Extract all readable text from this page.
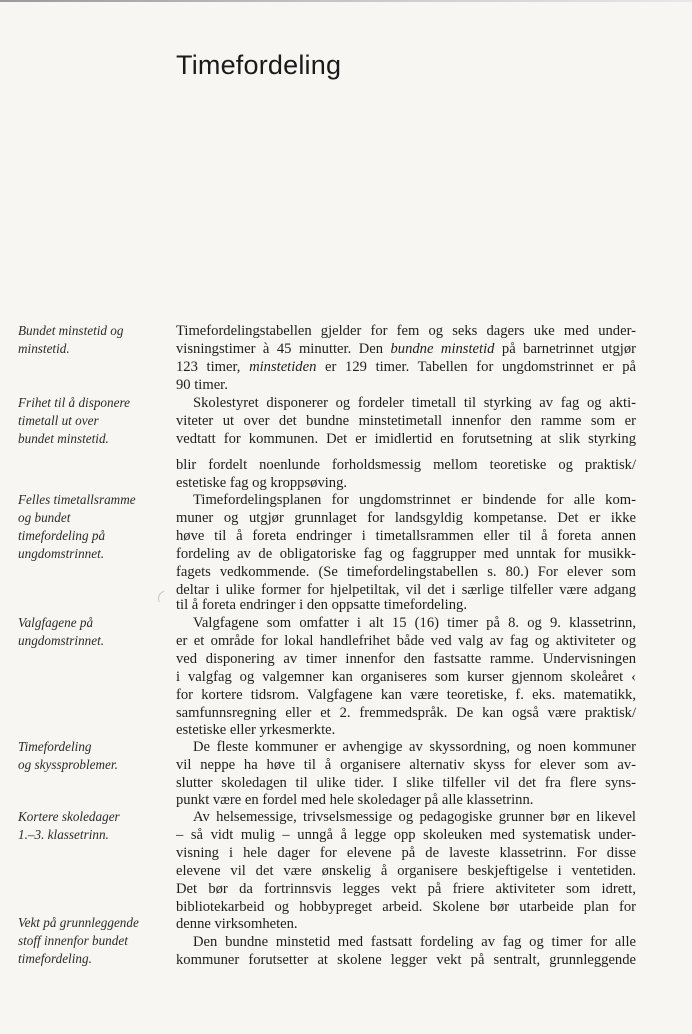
Timefordeling
Bundet minstetid og
minstetid.
Frihet til å disponere
timetall ut over
bundet minstetid.
Felles timetallsramme
og bundet
timefordeling på
ungdomstrinnet.
Valgfagene på
ungdomstrinnet.
Timefordeling
og skyssproblemer.
Kortere skoledager
1.–3. klassetrinn.
Vekt på grunnleggende
stoff innenfor bundet
timefordeling.
Timefordelingstabellen gjelder for fem og seks dagers uke med under-
visningstimer à 45 minutter. Den bundne minstetid på barnetrinnet utgjør
123 timer, minstetiden er 129 timer. Tabellen for ungdomstrinnet er på
90 timer.
Skolestyret disponerer og fordeler timetall til styrking av fag og akti-
viteter ut over det bundne minstetimetall innenfor den ramme som er
vedtatt for kommunen. Det er imidlertid en forutsetning at slik styrking
blir fordelt noenlunde forholdsmessig mellom teoretiske og praktisk/
estetiske fag og kroppsøving.
Timefordelingsplanen for ungdomstrinnet er bindende for alle kom-
muner og utgjør grunnlaget for landsgyldig kompetanse. Det er ikke
høve til å foreta endringer i timetallsrammen eller til å foreta annen
fordeling av de obligatoriske fag og faggrupper med unntak for musikk-
fagets vedkommende. (Se timefordelingstabellen s. 80.) For elever som
deltar i ulike former for hjelpetiltak, vil det i særlige tilfeller være adgang
til å foreta endringer i den oppsatte timefordeling.
Valgfagene som omfatter i alt 15 (16) timer på 8. og 9. klassetrinn,
er et område for lokal handlefrihet både ved valg av fag og aktiviteter og
ved disponering av timer innenfor den fastsatte ramme. Undervisningen
i valgfag og valgemner kan organiseres som kurser gjennom skoleåret ‹
for kortere tidsrom. Valgfagene kan være teoretiske, f. eks. matematikk,
samfunnsregning eller et 2. fremmedspråk. De kan også være praktisk/
estetiske eller yrkesmerkte.
De fleste kommuner er avhengige av skyssordning, og noen kommuner
vil neppe ha høve til å organisere alternativ skyss for elever som av-
slutter skoledagen til ulike tider. I slike tilfeller vil det fra flere syns-
punkt være en fordel med hele skoledager på alle klassetrinn.
Av helsemessige, trivselsmessige og pedagogiske grunner bør en likevel
– så vidt mulig – unngå å legge opp skoleuken med systematisk under-
visning i hele dager for elevene på de laveste klassetrinn. For disse
elevene vil det være ønskelig å organisere beskjeftigelse i ventetiden.
Det bør da fortrinnsvis legges vekt på friere aktiviteter som idrett,
bibliotekarbeid og hobbypreget arbeid. Skolene bør utarbeide plan for
denne virksomheten.
Den bundne minstetid med fastsatt fordeling av fag og timer for alle
kommuner forutsetter at skolene legger vekt på sentralt, grunnleggende
